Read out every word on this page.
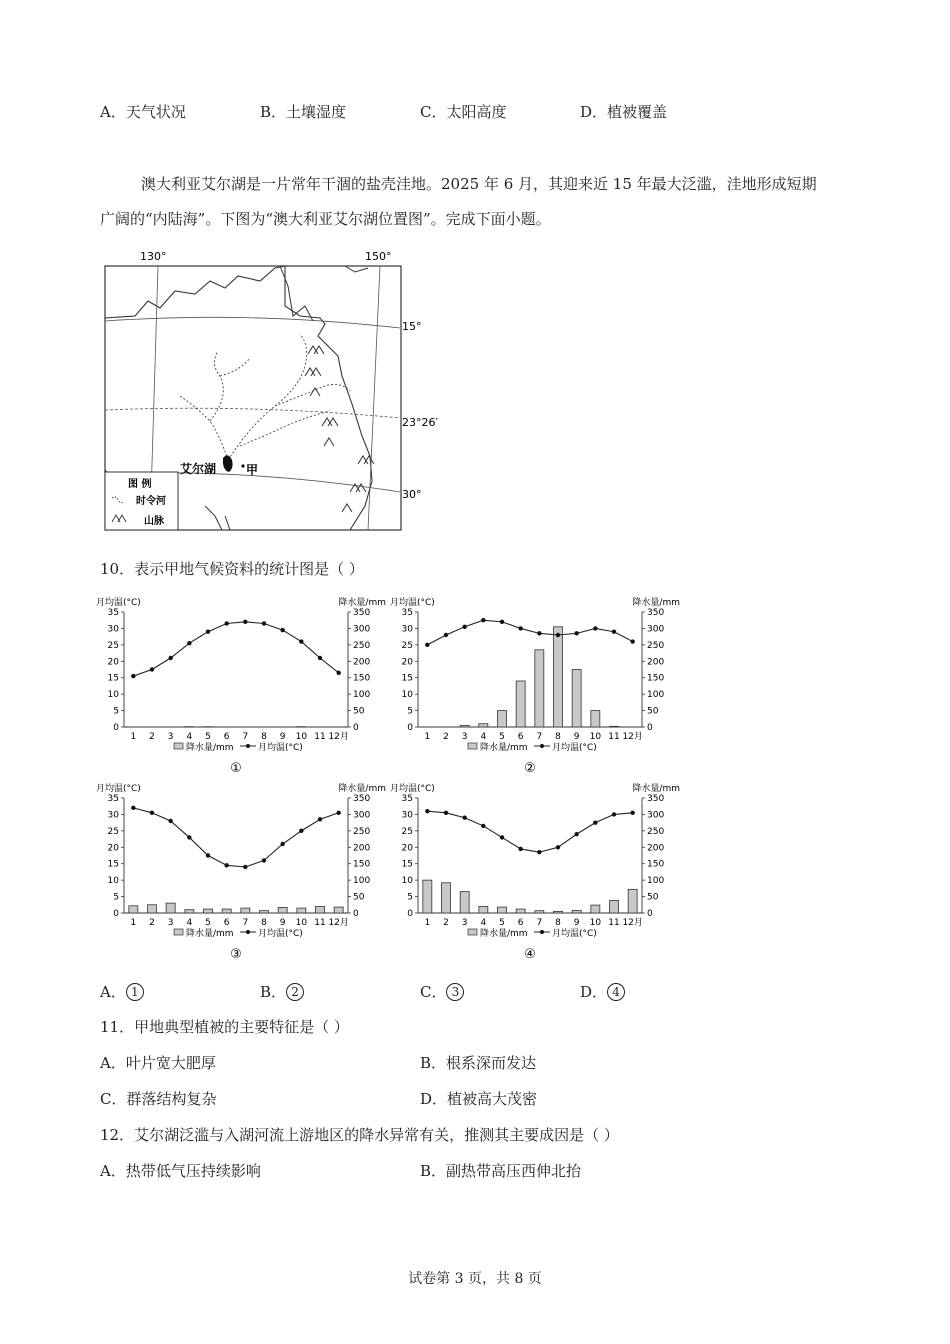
A．天气状况	B．土壤湿度	C．太阳高度	D．植被覆盖
澳大利亚艾尔湖是一片常年干涸的盐壳洼地。2025 年 6 月，其迎来近 15 年最大泛滥，洼地形成短期
广阔的“内陆海”。下图为“澳大利亚艾尔湖位置图”。完成下面小题。
130°	150°
15°
23°26′
30°
艾尔湖 甲
图 例
时令河
山脉
10．表示甲地气候资料的统计图是（ ）
月均温(°C)	降水量/mm
0
5
10
15
20
25
30
35
0
50
100
150
200
250
300
350
1 2 3 4 5 6 7 8 9 10 11 12月
降水量/mm	月均温(°C)
①
月均温(°C)	降水量/mm
0
5
10
15
20
25
30
35
0
50
100
150
200
250
300
350
1 2 3 4 5 6 7 8 9 10 11 12月
降水量/mm	月均温(°C)
②
月均温(°C)	降水量/mm
0
5
10
15
20
25
30
35
0
50
100
150
200
250
300
350
1 2 3 4 5 6 7 8 9 10 11 12月
降水量/mm	月均温(°C)
③
月均温(°C)	降水量/mm
0
5
10
15
20
25
30
35
0
50
100
150
200
250
300
350
1 2 3 4 5 6 7 8 9 10 11 12月
降水量/mm	月均温(°C)
④
A． 1	B． 2	C． 3	D． 4
11．甲地典型植被的主要特征是（ ）
A．叶片宽大肥厚	B．根系深而发达
C．群落结构复杂	D．植被高大茂密
12．艾尔湖泛滥与入湖河流上游地区的降水异常有关，推测其主要成因是（ ）
A．热带低气压持续影响	B．副热带高压西伸北抬
试卷第 3 页，共 8 页
